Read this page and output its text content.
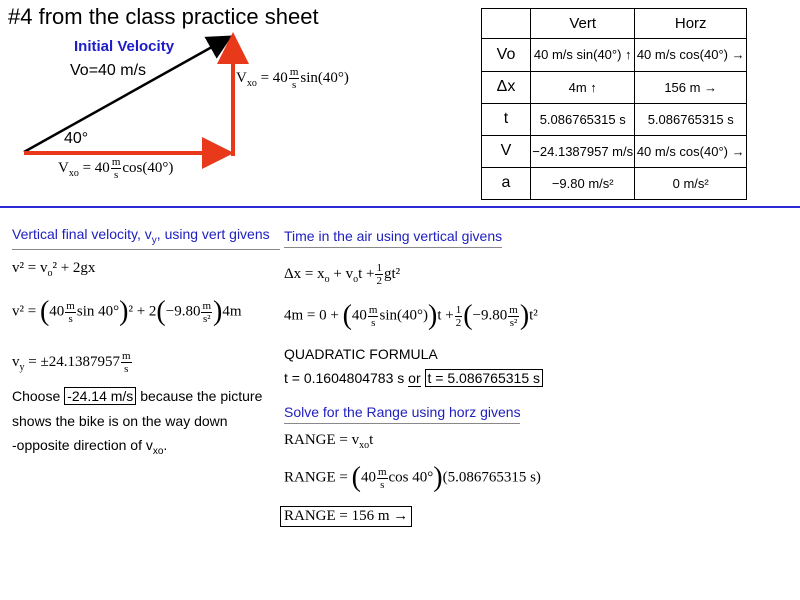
#4 from the class practice sheet
Initial Velocity
Vo=40 m/s
40°
$V_{xo} = 40 \frac{m}{s} \sin(40^\circ)$
$V_{xo} = 40 \frac{m}{s} \cos(40^\circ)$
	Vert	Horz
Vo	40 m/s sin(40°) ↑	40 m/s cos(40°) →
Δx	4m ↑	156 m →
t	5.086765315 s	5.086765315 s
V	−24.1387957 m/s	40 m/s cos(40°) →
a	−9.80 m/s²	0 m/s²
Vertical final velocity, $v_y$, using vert givens
$v^2 = v_o^2 + 2gx$
$v^2 = (40 \frac{m}{s}$ $\sin 40^\circ)^2 + 2(-9.80 \frac{m}{\text{s²}} )4m$
$v_y = \pm 24.1387957 \frac{m}{s}$
Choose -24.14 m/s because the picture
shows the bike is on the way down
-opposite direction of $v_{xo}$.
Time in the air using vertical givens
$\Delta x = x_o + v_ot + \frac{1}{2} gt^2$
$4m = 0 + (40 \frac{m}{s} \sin(40^\circ))t + \frac{1}{2} (-9.80 \frac{m}{\text{s²}} )t^2$
QUADRATIC FORMULA
t = 0.1604804783 s or t = 5.086765315 s
Solve for the Range using horz givens
RANGE = $v_{xo}t$
RANGE = ($40 \frac{m}{s}$ cos 40°)(5.086765315 s)
RANGE = 156 m →
